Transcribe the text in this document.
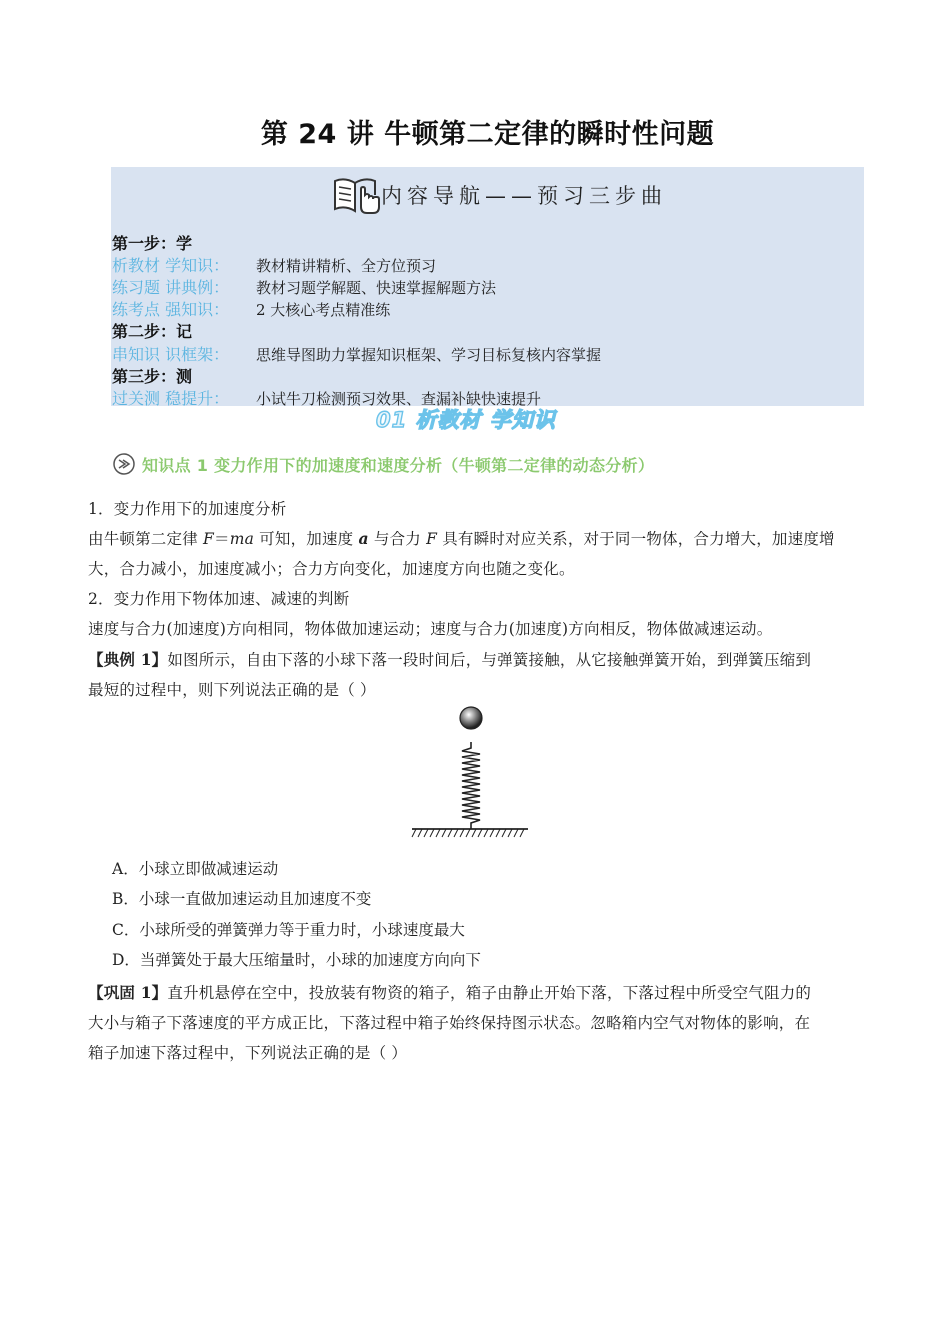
第 24 讲 牛顿第二定律的瞬时性问题
内容导航——预习三步曲
第一步：学
析教材 学知识： 教材精讲精析、全方位预习
练习题 讲典例： 教材习题学解题、快速掌握解题方法
练考点 强知识： 2 大核心考点精准练
第二步：记
串知识 识框架： 思维导图助力掌握知识框架、学习目标复核内容掌握
第三步：测
过关测 稳提升： 小试牛刀检测预习效果、查漏补缺快速提升
01 析教材 学知识
知识点 1 变力作用下的加速度和速度分析（牛顿第二定律的动态分析）
1．变力作用下的加速度分析
由牛顿第二定律 F＝ma 可知，加速度 a 与合力 F 具有瞬时对应关系，对于同一物体，合力增大，加速度增
大，合力减小，加速度减小；合力方向变化，加速度方向也随之变化。
2．变力作用下物体加速、减速的判断
速度与合力(加速度)方向相同，物体做加速运动；速度与合力(加速度)方向相反，物体做减速运动。
【典例 1】如图所示，自由下落的小球下落一段时间后，与弹簧接触，从它接触弹簧开始，到弹簧压缩到
最短的过程中，则下列说法正确的是（ ）
A．小球立即做减速运动
B．小球一直做加速运动且加速度不变
C．小球所受的弹簧弹力等于重力时，小球速度最大
D．当弹簧处于最大压缩量时，小球的加速度方向向下
【巩固 1】直升机悬停在空中，投放装有物资的箱子，箱子由静止开始下落，下落过程中所受空气阻力的
大小与箱子下落速度的平方成正比，下落过程中箱子始终保持图示状态。忽略箱内空气对物体的影响，在
箱子加速下落过程中，下列说法正确的是（ ）
